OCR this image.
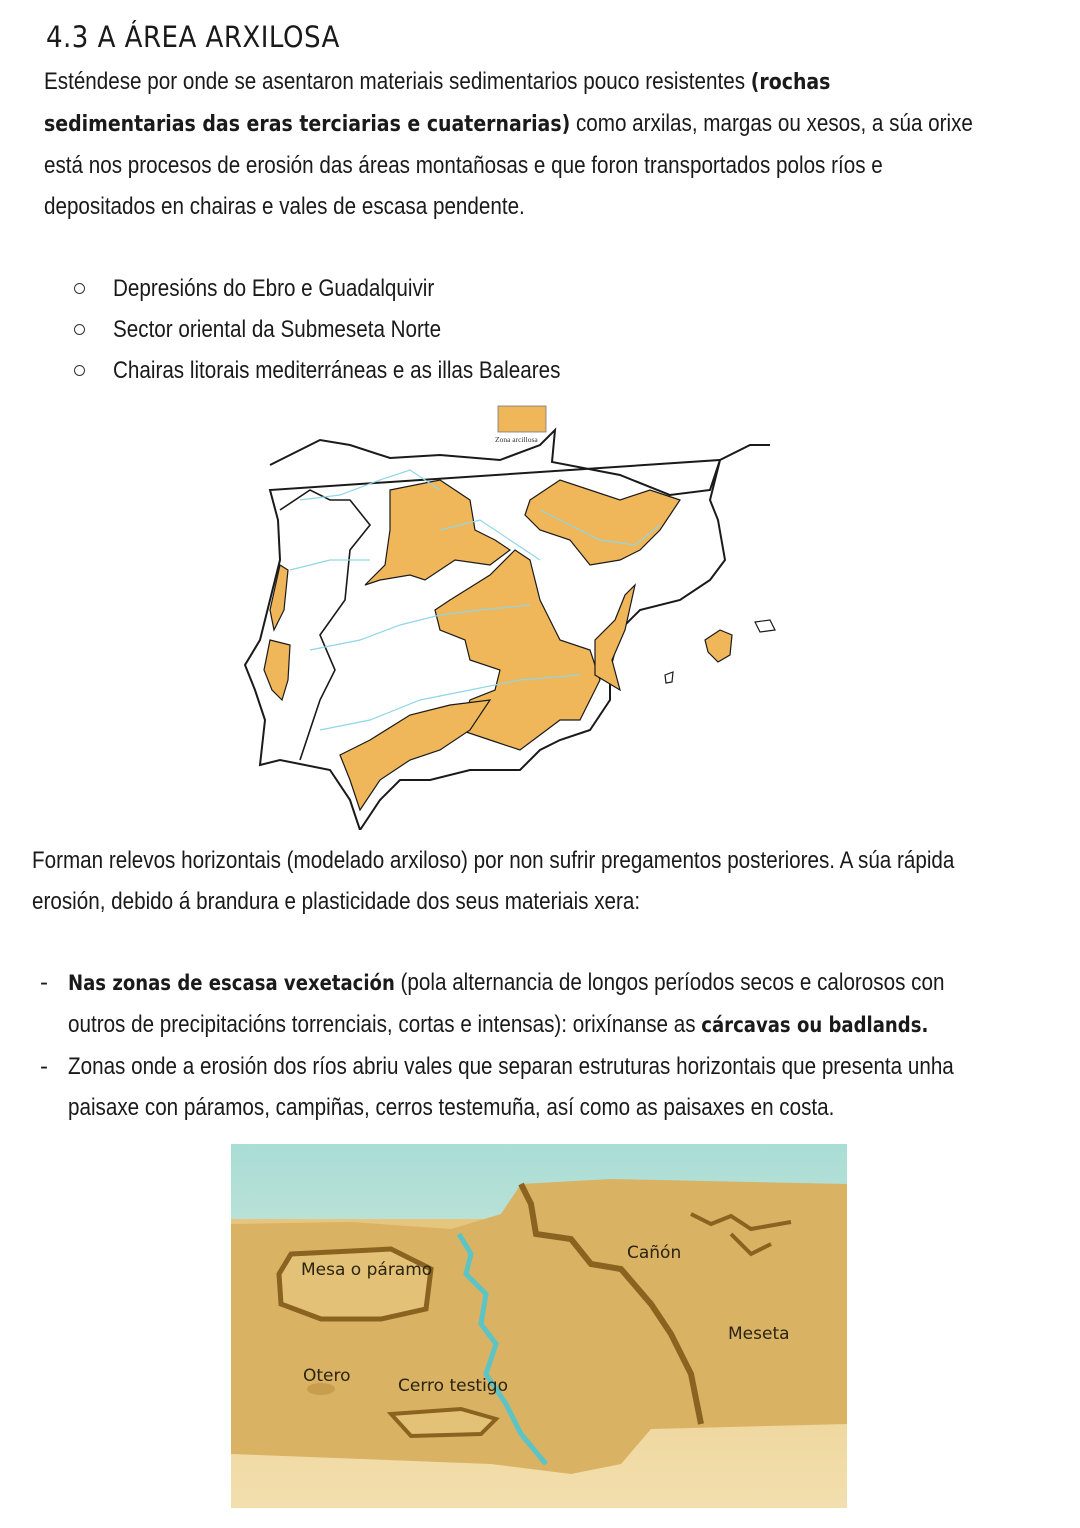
4.3 A ÁREA ARXILOSA
Esténdese por onde se asentaron materiais sedimentarios pouco resistentes (rochas
sedimentarias das eras terciarias e cuaternarias) como arxilas, margas ou xesos, a súa orixe
está nos procesos de erosión das áreas montañosas e que foron transportados polos ríos e
depositados en chairas e vales de escasa pendente.
Depresións do Ebro e Guadalquivir
Sector oriental da Submeseta Norte
Chairas litorais mediterráneas e as illas Baleares
Zona arcillosa
Forman relevos horizontais (modelado arxiloso) por non sufrir pregamentos posteriores. A súa rápida
erosión, debido á brandura e plasticidade dos seus materiais xera:
- Nas zonas de escasa vexetación (pola alternancia de longos períodos secos e calorosos con
outros de precipitacións torrenciais, cortas e intensas): orixínanse as cárcavas ou badlands.
- Zonas onde a erosión dos ríos abriu vales que separan estruturas horizontais que presenta unha
paisaxe con páramos, campiñas, cerros testemuña, así como as paisaxes en costa.
Mesa o páramo
Cañón
Meseta
Otero	Cerro testigo
